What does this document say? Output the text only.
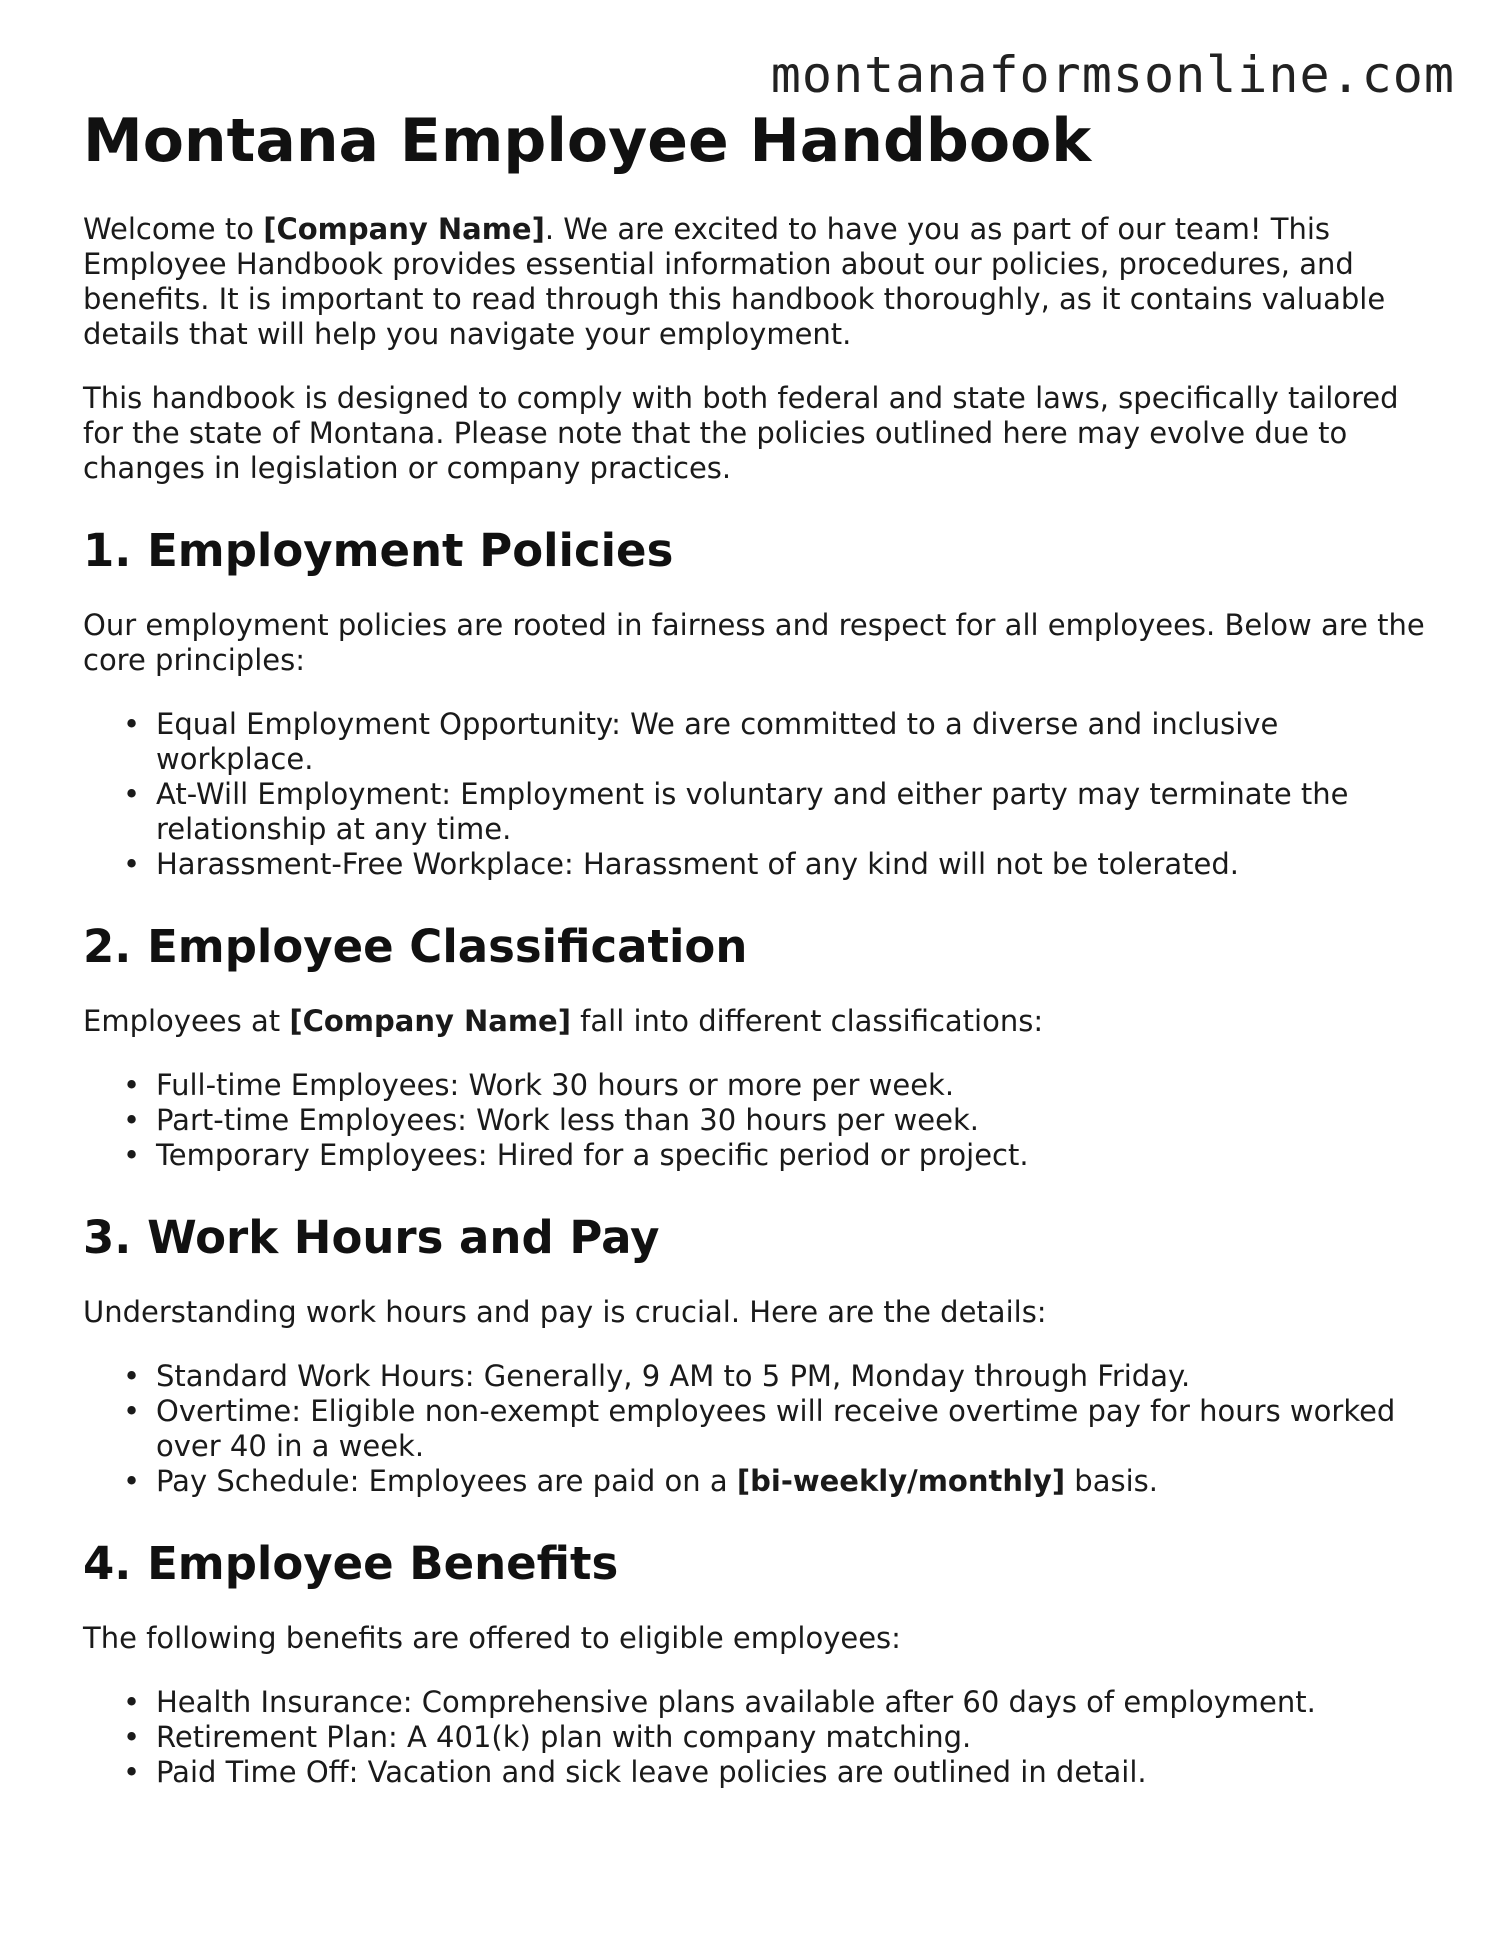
montanaformsonline.com
Montana Employee Handbook

Welcome to [Company Name]. We are excited to have you as part of our team! This Employee Handbook provides essential information about our policies, procedures, and benefits. It is important to read through this handbook thoroughly, as it contains valuable details that will help you navigate your employment.

This handbook is designed to comply with both federal and state laws, specifically tailored for the state of Montana. Please note that the policies outlined here may evolve due to changes in legislation or company practices.

1. Employment Policies

Our employment policies are rooted in fairness and respect for all employees. Below are the core principles:

• Equal Employment Opportunity: We are committed to a diverse and inclusive workplace.
• At-Will Employment: Employment is voluntary and either party may terminate the relationship at any time.
• Harassment-Free Workplace: Harassment of any kind will not be tolerated.
2. Employee Classification

Employees at [Company Name] fall into different classifications:

• Full-time Employees: Work 30 hours or more per week.
• Part-time Employees: Work less than 30 hours per week.
• Temporary Employees: Hired for a specific period or project.
3. Work Hours and Pay

Understanding work hours and pay is crucial. Here are the details:

• Standard Work Hours: Generally, 9 AM to 5 PM, Monday through Friday.
• Overtime: Eligible non-exempt employees will receive overtime pay for hours worked over 40 in a week.
• Pay Schedule: Employees are paid on a [bi-weekly/monthly] basis.
4. Employee Benefits

The following benefits are offered to eligible employees:

• Health Insurance: Comprehensive plans available after 60 days of employment.
• Retirement Plan: A 401(k) plan with company matching.
• Paid Time Off: Vacation and sick leave policies are outlined in detail.
